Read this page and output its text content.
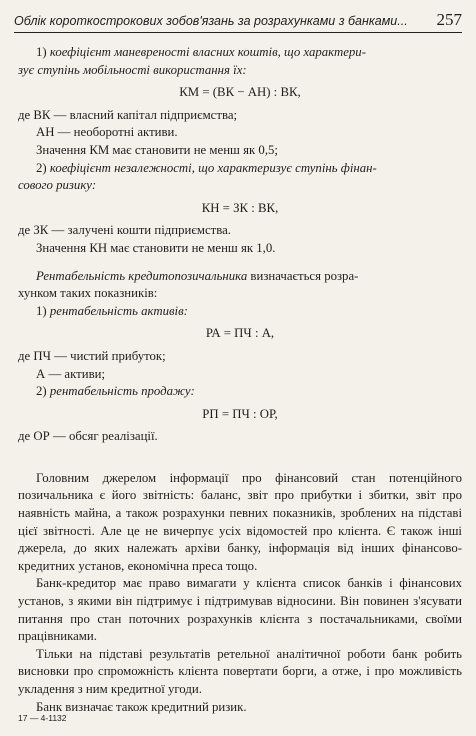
Облік короткострокових зобов'язань за розрахунками з банками... 257

1) коефіцієнт маневреності власних коштів, що характери-

зує ступінь мобільності використання їх:

КМ = (ВК − АН) : ВК,

де ВК — власний капітал підприємства;

АН — необоротні активи.

Значення КМ має становити не менш як 0,5;

2) коефіцієнт незалежності, що характеризує ступінь фінан-

сового ризику:

КН = ЗК : ВК,

де ЗК — залучені кошти підприємства.

Значення КН має становити не менш як 1,0.

Рентабельність кредитопозичальника визначається розра-

хунком таких показників:

1) рентабельність активів:

РА = ПЧ : А,

де ПЧ — чистий прибуток;

А — активи;

2) рентабельність продажу:

РП = ПЧ : ОР,

де ОР — обсяг реалізації.

Головним джерелом інформації про фінансовий стан потенційного позичальника є його звітність: баланс, звіт про прибутки і збитки, звіт про наявність майна, а також розрахунки певних показників, зроблених на підставі цієї звітності. Але це не вичерпує усіх відомостей про клієнта. Є також інші джерела, до яких належать архіви банку, інформація від інших фінансово-кредитних установ, економічна преса тощо.

Банк-кредитор має право вимагати у клієнта список банків і фінансових установ, з якими він підтримує і підтримував відносини. Він повинен з'ясувати питання про стан поточних розрахунків клієнта з постачальниками, своїми працівниками.

Тільки на підставі результатів ретельної аналітичної роботи банк робить висновки про спроможність клієнта повертати борги, а отже, і про можливість укладення з ним кредитної угоди.

Банк визначає також кредитний ризик.

17 — 4-1132
